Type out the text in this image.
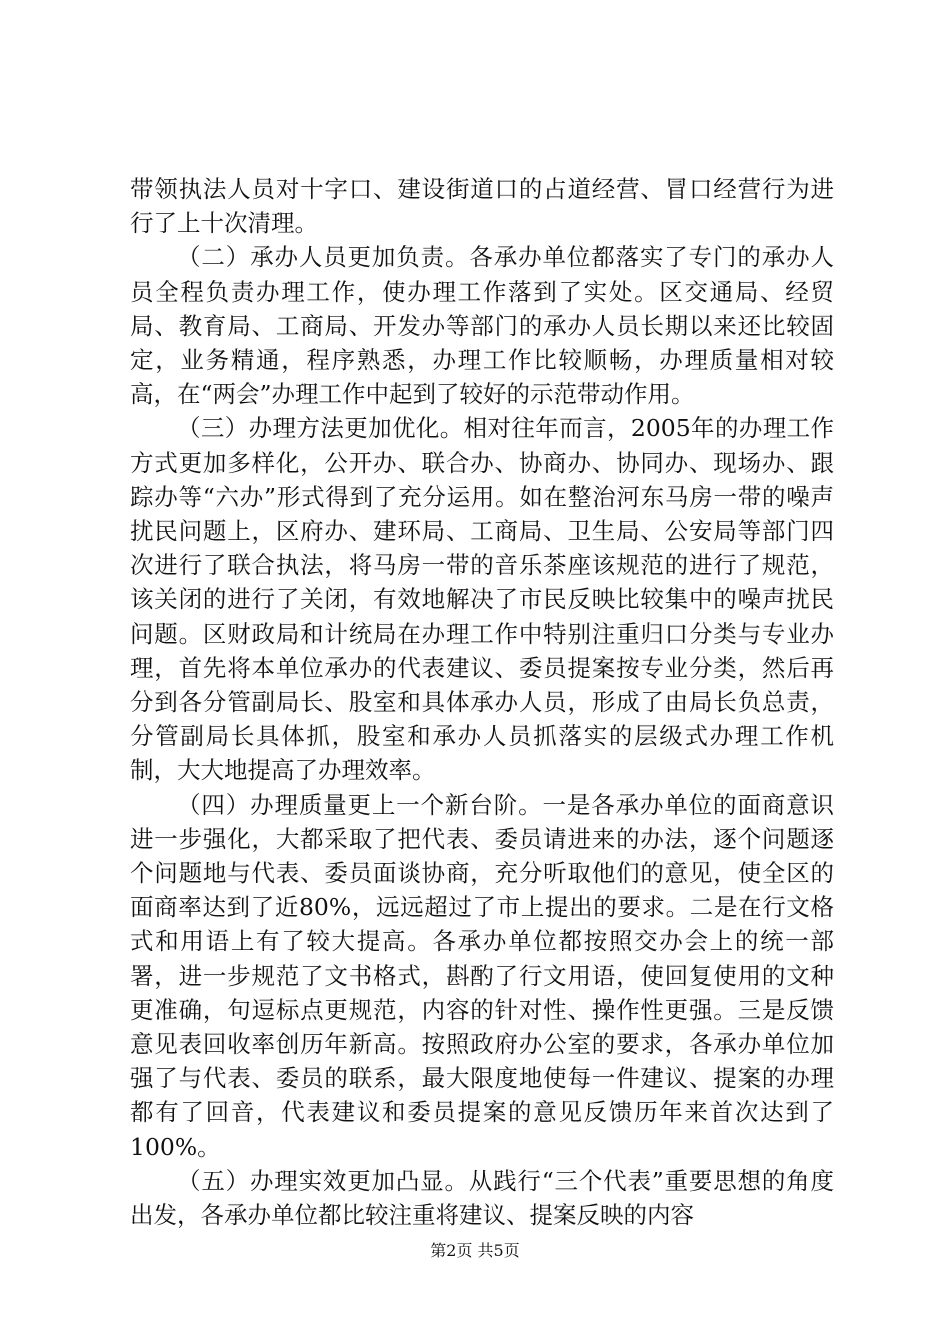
带领执法人员对十字口、建设街道口的占道经营、冒口经营行为进行了上十次清理。

（二）承办人员更加负责。各承办单位都落实了专门的承办人员全程负责办理工作，使办理工作落到了实处。区交通局、经贸局、教育局、工商局、开发办等部门的承办人员长期以来还比较固定，业务精通，程序熟悉，办理工作比较顺畅，办理质量相对较高，在“两会”办理工作中起到了较好的示范带动作用。

（三）办理方法更加优化。相对往年而言，2005年的办理工作方式更加多样化，公开办、联合办、协商办、协同办、现场办、跟踪办等“六办”形式得到了充分运用。如在整治河东马房一带的噪声扰民问题上，区府办、建环局、工商局、卫生局、公安局等部门四次进行了联合执法，将马房一带的音乐茶座该规范的进行了规范，该关闭的进行了关闭，有效地解决了市民反映比较集中的噪声扰民问题。区财政局和计统局在办理工作中特别注重归口分类与专业办理，首先将本单位承办的代表建议、委员提案按专业分类，然后再分到各分管副局长、股室和具体承办人员，形成了由局长负总责，分管副局长具体抓，股室和承办人员抓落实的层级式办理工作机制，大大地提高了办理效率。

（四）办理质量更上一个新台阶。一是各承办单位的面商意识进一步强化，大都采取了把代表、委员请进来的办法，逐个问题逐个问题地与代表、委员面谈协商，充分听取他们的意见，使全区的面商率达到了近80%，远远超过了市上提出的要求。二是在行文格式和用语上有了较大提高。各承办单位都按照交办会上的统一部署，进一步规范了文书格式，斟酌了行文用语，使回复使用的文种更准确，句逗标点更规范，内容的针对性、操作性更强。三是反馈意见表回收率创历年新高。按照政府办公室的要求，各承办单位加强了与代表、委员的联系，最大限度地使每一件建议、提案的办理都有了回音，代表建议和委员提案的意见反馈历年来首次达到了100%。

（五）办理实效更加凸显。从践行“三个代表”重要思想的角度出发，各承办单位都比较注重将建议、提案反映的内容

第2页 共5页
